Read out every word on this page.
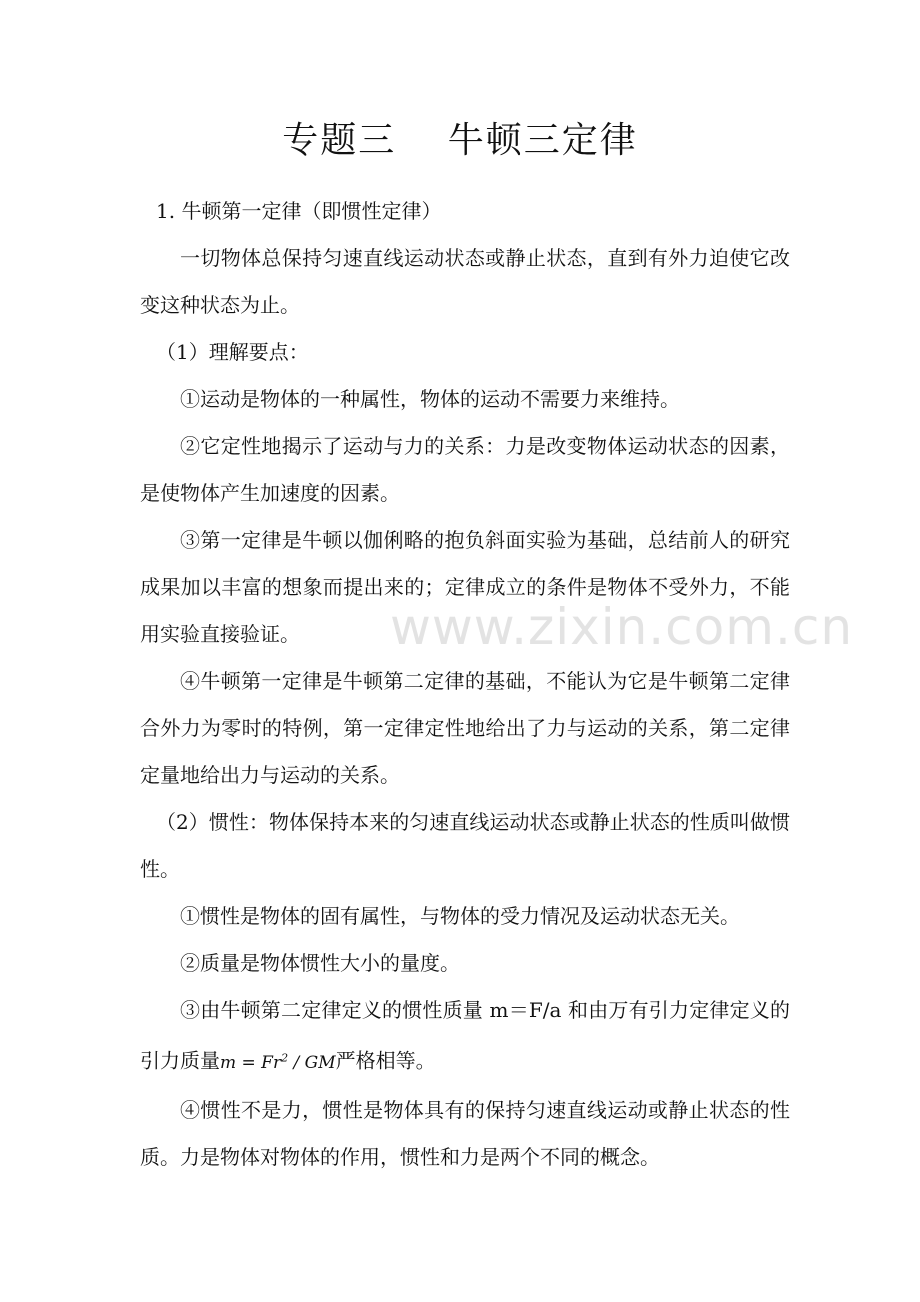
专题三　 牛顿三定律

1. 牛顿第一定律（即惯性定律）

一切物体总保持匀速直线运动状态或静止状态，直到有外力迫使它改变这种状态为止。

（1）理解要点：

①运动是物体的一种属性，物体的运动不需要力来维持。

②它定性地揭示了运动与力的关系：力是改变物体运动状态的因素，是使物体产生加速度的因素。

③第一定律是牛顿以伽俐略的抱负斜面实验为基础，总结前人的研究成果加以丰富的想象而提出来的；定律成立的条件是物体不受外力，不能用实验直接验证。

④牛顿第一定律是牛顿第二定律的基础，不能认为它是牛顿第二定律合外力为零时的特例，第一定律定性地给出了力与运动的关系，第二定律定量地给出力与运动的关系。

（2）惯性：物体保持本来的匀速直线运动状态或静止状态的性质叫做惯性。

①惯性是物体的固有属性，与物体的受力情况及运动状态无关。

②质量是物体惯性大小的量度。

③由牛顿第二定律定义的惯性质量 m＝F/a 和由万有引力定律定义的引力质量$m = Fr^2$ / GM严格相等。

④惯性不是力，惯性是物体具有的保持匀速直线运动或静止状态的性质。力是物体对物体的作用，惯性和力是两个不同的概念。

www.zixin.com.cn
